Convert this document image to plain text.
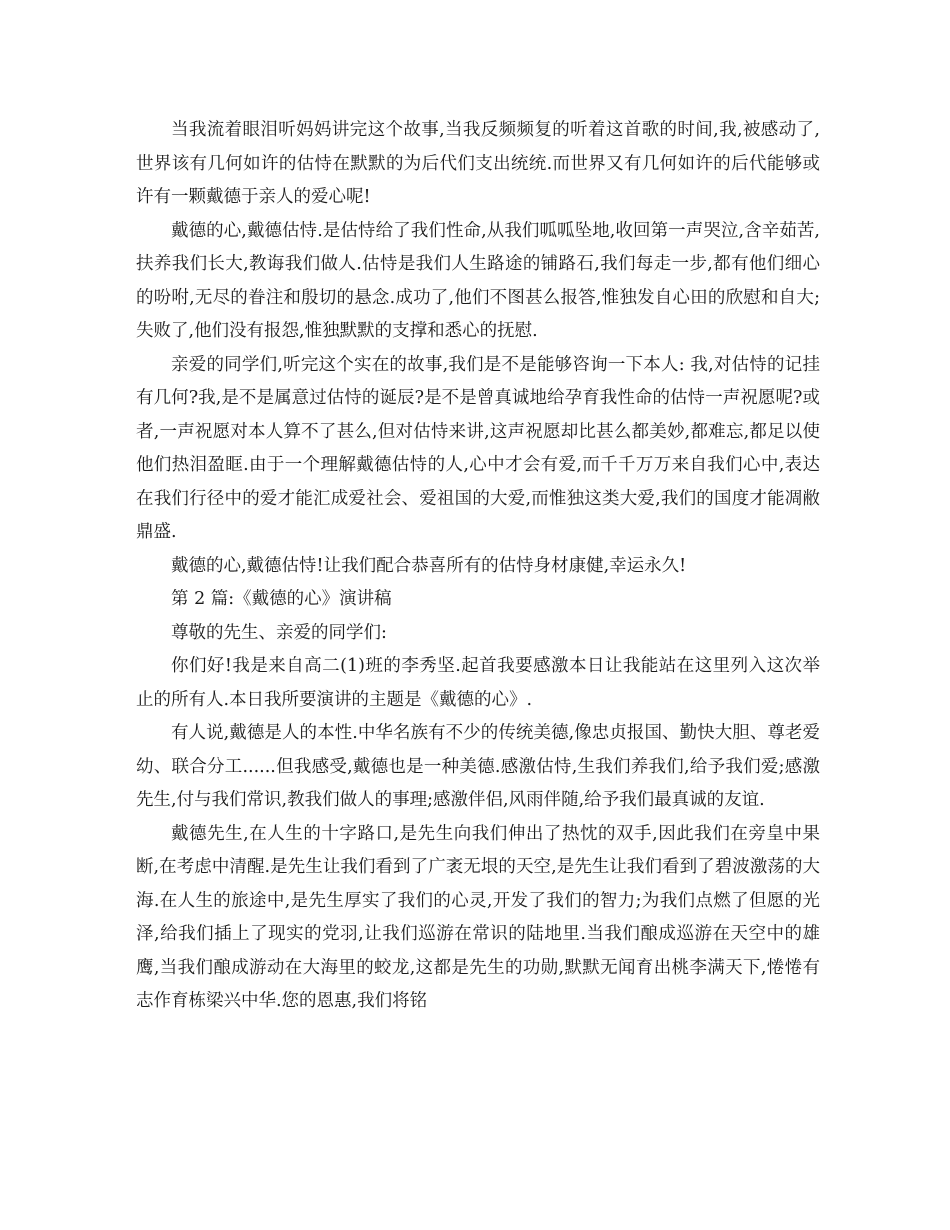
当我流着眼泪听妈妈讲完这个故事,当我反频频复的听着这首歌的时间,我,被感动了,世界该有几何如许的估恃在默默的为后代们支出统统.而世界又有几何如许的后代能够或许有一颗戴德于亲人的爱心呢!

戴德的心,戴德估恃.是估恃给了我们性命,从我们呱呱坠地,收回第一声哭泣,含辛茹苦,扶养我们长大,教诲我们做人.估恃是我们人生路途的铺路石,我们每走一步,都有他们细心的吩咐,无尽的眷注和殷切的悬念.成功了,他们不图甚么报答,惟独发自心田的欣慰和自大;失败了,他们没有报怨,惟独默默的支撑和悉心的抚慰.

亲爱的同学们,听完这个实在的故事,我们是不是能够咨询一下本人: 我,对估恃的记挂有几何?我,是不是属意过估恃的诞辰?是不是曾真诚地给孕育我性命的估恃一声祝愿呢?或者,一声祝愿对本人算不了甚么,但对估恃来讲,这声祝愿却比甚么都美妙,都难忘,都足以使他们热泪盈眶.由于一个理解戴德估恃的人,心中才会有爱,而千千万万来自我们心中,表达在我们行径中的爱才能汇成爱社会、爱祖国的大爱,而惟独这类大爱,我们的国度才能凋敝鼎盛.

戴德的心,戴德估恃!让我们配合恭喜所有的估恃身材康健,幸运永久!

第 2 篇:《戴德的心》演讲稿

尊敬的先生、亲爱的同学们:

你们好!我是来自高二(1)班的李秀坚.起首我要感激本日让我能站在这里列入这次举止的所有人.本日我所要演讲的主题是《戴德的心》.

有人说,戴德是人的本性.中华名族有不少的传统美德,像忠贞报国、勤快大胆、尊老爱幼、联合分工......但我感受,戴德也是一种美德.感激估恃,生我们养我们,给予我们爱;感激先生,付与我们常识,教我们做人的事理;感激伴侣,风雨伴随,给予我们最真诚的友谊.

戴德先生,在人生的十字路口,是先生向我们伸出了热忱的双手,因此我们在旁皇中果断,在考虑中清醒.是先生让我们看到了广袤无垠的天空,是先生让我们看到了碧波激荡的大海.在人生的旅途中,是先生厚实了我们的心灵,开发了我们的智力;为我们点燃了但愿的光泽,给我们插上了现实的党羽,让我们巡游在常识的陆地里.当我们酿成巡游在天空中的雄鹰,当我们酿成游动在大海里的蛟龙,这都是先生的功勋,默默无闻育出桃李满天下,惓惓有志作育栋梁兴中华.您的恩惠,我们将铭
